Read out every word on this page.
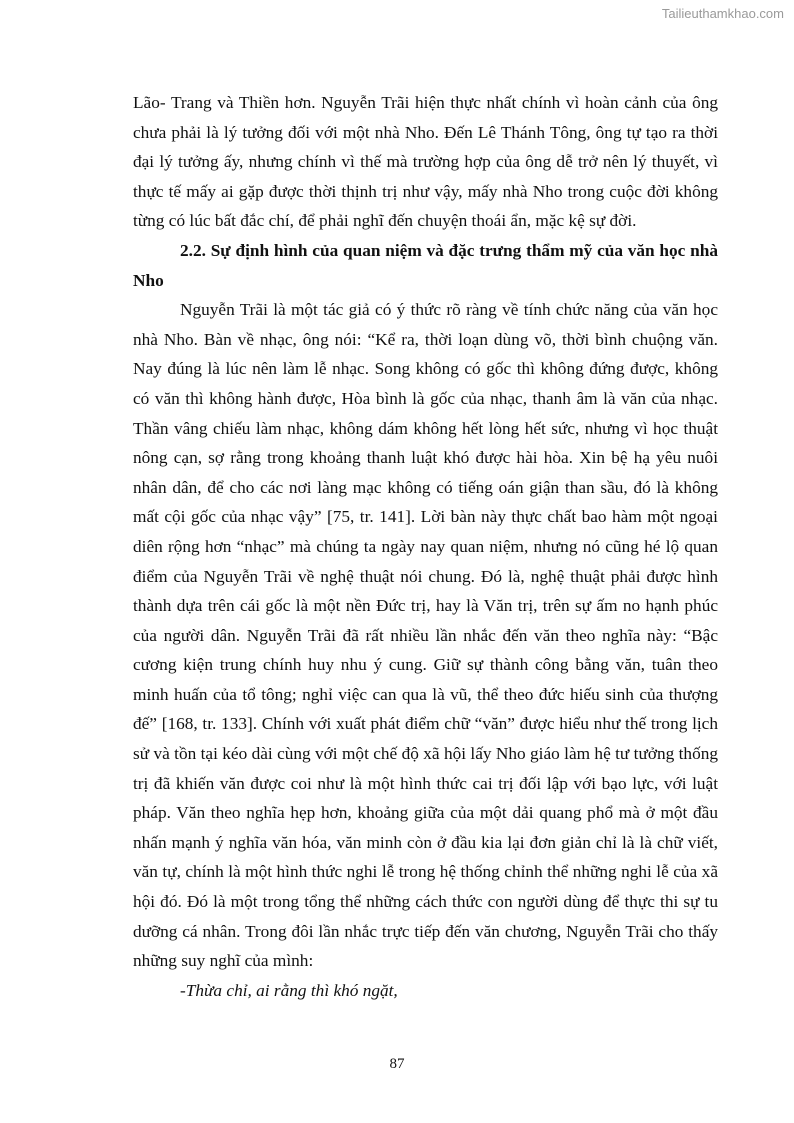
Tailieuthamkhao.com

Lão- Trang và Thiền hơn. Nguyễn Trãi hiện thực nhất chính vì hoàn cảnh của ông chưa phải là lý tưởng đối với một nhà Nho. Đến Lê Thánh Tông, ông tự tạo ra thời đại lý tưởng ấy, nhưng chính vì thế mà trường hợp của ông dễ trở nên lý thuyết, vì thực tế mấy ai gặp được thời thịnh trị như vậy, mấy nhà Nho trong cuộc đời không từng có lúc bất đắc chí, để phải nghĩ đến chuyện thoái ẩn, mặc kệ sự đời.

2.2. Sự định hình của quan niệm và đặc trưng thẩm mỹ của văn học nhà Nho

Nguyễn Trãi là một tác giả có ý thức rõ ràng về tính chức năng của văn học nhà Nho. Bàn về nhạc, ông nói: “Kể ra, thời loạn dùng võ, thời bình chuộng văn. Nay đúng là lúc nên làm lễ nhạc. Song không có gốc thì không đứng được, không có văn thì không hành được, Hòa bình là gốc của nhạc, thanh âm là văn của nhạc. Thần vâng chiếu làm nhạc, không dám không hết lòng hết sức, nhưng vì học thuật nông cạn, sợ rằng trong khoảng thanh luật khó được hài hòa. Xin bệ hạ yêu nuôi nhân dân, để cho các nơi làng mạc không có tiếng oán giận than sầu, đó là không mất cội gốc của nhạc vậy” [75, tr. 141]. Lời bàn này thực chất bao hàm một ngoại diên rộng hơn “nhạc” mà chúng ta ngày nay quan niệm, nhưng nó cũng hé lộ quan điểm của Nguyễn Trãi về nghệ thuật nói chung. Đó là, nghệ thuật phải được hình thành dựa trên cái gốc là một nền Đức trị, hay là Văn trị, trên sự ấm no hạnh phúc của người dân. Nguyễn Trãi đã rất nhiều lần nhắc đến văn theo nghĩa này: “Bậc cương kiện trung chính huy nhu ý cung. Giữ sự thành công bằng văn, tuân theo minh huấn của tổ tông; nghỉ việc can qua là vũ, thể theo đức hiếu sinh của thượng đế” [168, tr. 133]. Chính với xuất phát điểm chữ “văn” được hiểu như thế trong lịch sử và tồn tại kéo dài cùng với một chế độ xã hội lấy Nho giáo làm hệ tư tưởng thống trị đã khiến văn được coi như là một hình thức cai trị đối lập với bạo lực, với luật pháp. Văn theo nghĩa hẹp hơn, khoảng giữa của một dải quang phổ mà ở một đầu nhấn mạnh ý nghĩa văn hóa, văn minh còn ở đầu kia lại đơn giản chỉ là là chữ viết, văn tự, chính là một hình thức nghi lễ trong hệ thống chỉnh thể những nghi lễ của xã hội đó. Đó là một trong tổng thể những cách thức con người dùng để thực thi sự tu dưỡng cá nhân. Trong đôi lần nhắc trực tiếp đến văn chương, Nguyễn Trãi cho thấy những suy nghĩ của mình:

-Thừa chỉ, ai rằng thì khó ngặt,

87
